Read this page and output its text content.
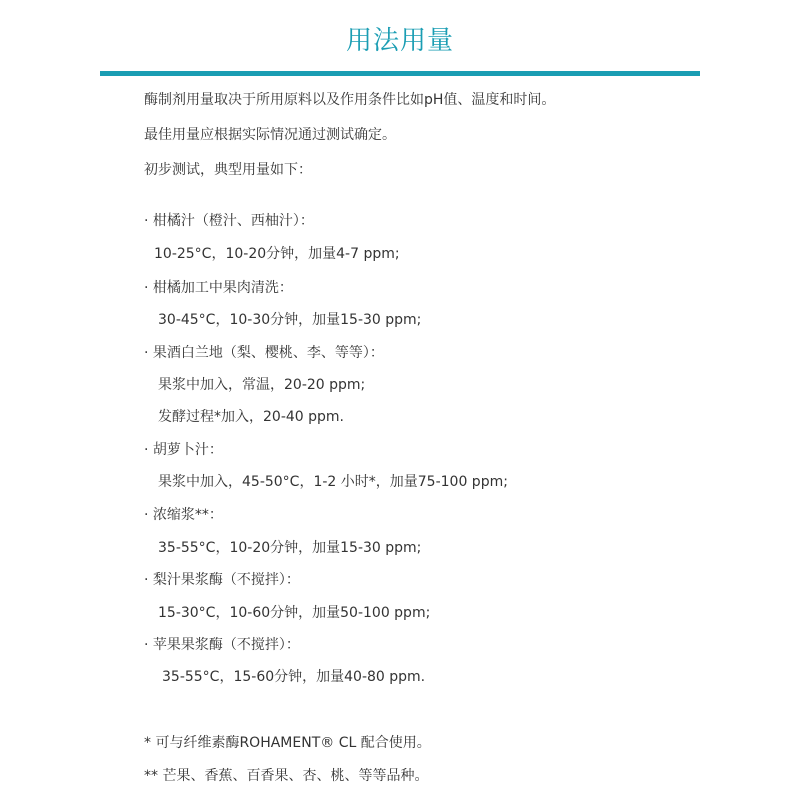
用法用量
酶制剂用量取决于所用原料以及作用条件比如pH值、温度和时间。
最佳用量应根据实际情况通过测试确定。
初步测试，典型用量如下：
· 柑橘汁（橙汁、西柚汁）：
10-25°C，10-20分钟，加量4-7 ppm;
· 柑橘加工中果肉清洗：
30-45°C，10-30分钟，加量15-30 ppm;
· 果酒白兰地（梨、樱桃、李、等等）：
果浆中加入，常温，20-20 ppm;
发酵过程*加入，20-40 ppm.
· 胡萝卜汁：
果浆中加入，45-50°C，1-2 小时*，加量75-100 ppm;
· 浓缩浆**：
35-55°C，10-20分钟，加量15-30 ppm;
· 梨汁果浆酶（不搅拌）：
15-30°C，10-60分钟，加量50-100 ppm;
· 苹果果浆酶（不搅拌）：
35-55°C，15-60分钟，加量40-80 ppm.
* 可与纤维素酶ROHAMENT® CL 配合使用。
** 芒果、香蕉、百香果、杏、桃、等等品种。
